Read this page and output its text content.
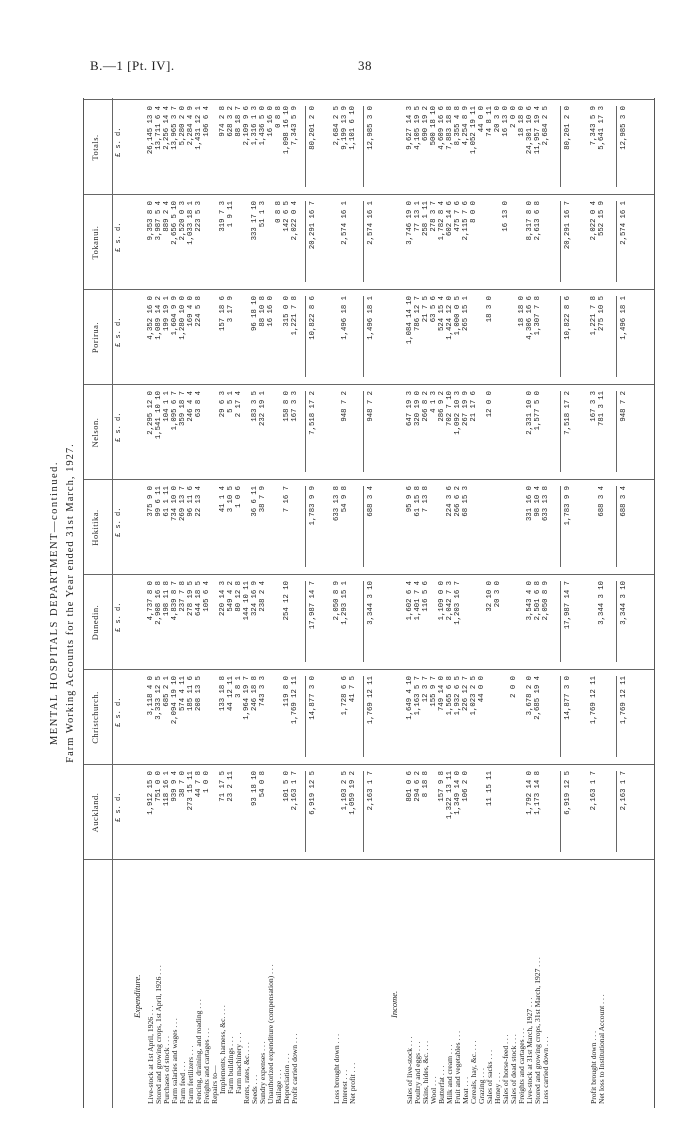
B.—1 [Pt. IV].	38
MENTAL HOSPITALS DEPARTMENT—continued. Farm Working Accounts for the Year ended 31st March, 1927.
Auckland. £ s. d.
Christchurch. £ s. d.
Dunedin. £ s. d.
Hokitika. £ s. d.
Nelson. £ s. d.
Porirua. £ s. d.
Tokanui. £ s. d.
Totals. £ s. d.
Expenditure.
Live-stock at 1st April, 1926 . . .
1,912 15 0
3,118 4 0
4,737 8 0
375 9 0
2,295 12 0
4,352 16 0
9,353 8 0
26,145 13 0
Stored and growing crops, 1st April, 1926 . . .
751 0 0
3,333 12 5
2,908 16 8
99 6 11
1,541 10 10
1,089 14 2
3,987 5 4
13,711 6 4
Purchases of stock . . .
118 16 1
685 2 1
198 11 8
61 1 11
104 1 1
199 19 1
889 2 4
2,256 14 4
Farm salaries and wages . . .
939 9 4
2,094 19 10
4,839 8 7
734 10 0
1,095 6 7
1,604 9 9
2,656 5 10
13,965 3 7
Farm feed . . .
38 7 0
574 4 11
237 7 8
269 13 7
359 18 7
1,280 10 0
2,520 0 3
5,280 2 0
Farm fertilizers . . .
273 15 11
185 11 6
278 19 5
96 11 6
246 4 4
169 4 0
1,033 18 1
2,284 4 9
Fencing, draining, and roading . . .
44 7 8
208 13 5
644 18 5
22 13 4
63 8 4
224 5 8
223 5 3
1,431 12 1
Freights and cartages . . .
1 0 0
105 6 4
106 6 4
Repairs to— Implements, harness, &c. . . .
71 17 5
133 18 8
220 14 3
41 1 4
29 6 3
157 18 6
319 7 3
974 2 8
Farm buildings . . .
23 2 11
44 12 11
549 4 2
3 10 5
5 5 1
3 17 9
1 9 11
628 3 2
Farm machinery . . .
3 8 1
80 12 8
1 0 6
2 17 4
88 18 7
Rents, rates, &c. . . .
1,964 19 7
144 10 11
2,109 9 6
Seeds . . .
93 18 10
246 18 8
324 16 9
36 6 11
183 3 5
96 18 10
333 17 10
1,316 1 3
Sundry expenses . . .
54 0 8
743 3 3
238 2 4
38 7 9
232 19 1
88 10 8
51 1 3
1,436 5 0
Unauthorized expenditure (compensation) . . .
16 16 0
16 16 0
Bailage . . .
0 8 8
0 8 8
Depreciation . . .
101 5 0
119 8 0
254 12 10
7 16 7
158 8 0
315 0 0
142 6 5
1,098 16 10
Profit carried down . . .
2,163 1 7
1,769 12 11
167 3 3
1,221 7 8
2,022 0 4
7,343 5 9
6,919 12 5
14,877 3 0
17,987 14 7
1,783 9 9
7,518 17 2
10,822 8 6
20,291 16 7
80,201 2 0
Loss brought down . . .
2,050 8 9
633 13 8
2,684 2 5
Interest . . .
1,103 2 5
1,728 6 6
1,293 15 1
54 9 8
948 7 2
1,496 18 1
2,574 16 1
9,199 13 9
Net profit . . .
1,059 19 2
41 7 5
1,101 6 10
2,163 1 7
1,769 12 11
3,344 3 10
688 3 4
948 7 2
1,496 18 1
2,574 16 1
12,985 3 0
Income.
Sales of live-stock . . .
801 0 6
1,649 4 10
1,602 6 4
95 9 6
647 19 3
1,084 14 10
3,746 19 0
9,627 14 3
Poultry and eggs . . .
294 6 2
1,163 5 7
1,401 7 4
61 15 8
320 19 0
786 12 7
77 13 1
4,105 19 5
Skins, hides, &c. . . .
8 18 8
12 3 7
116 5 6
7 13 8
266 8 2
21 7 5
258 1 11
690 19 2
Wool . . .
155 9 7
4 1 3
63 5 6
278 3 7
500 18 10
Butterfat . . .
157 9 8
749 14 0
1,109 0 0
286 9 2
524 15 4
1,782 8 4
4,609 16 6
Milk and cream . . .
1,322 13 11
1,565 6 8
2,042 7 3
224 3 6
702 7 10
1,424 12 0
602 14 6
7,883 18 8
Fruit and vegetables . . .
1,349 14 0
1,932 6 5
1,203 16 7
266 6 2
1,092 10 3
1,000 0 5
475 7 6
8,355 4 8
Meat . . .
106 2 0
226 12 7
68 15 3
267 19 9
265 15 1
2,115 7 6
4,254 8 9
Cereals, hay, &c. . . .
1,023 2 5
21 17 6
8 0 0
1,052 19 11
Grazing . . .
44 0 0
44 0 0
Sales of sacks . . .
11 15 11
32 10 0
12 0 0
18 3 0
74 8 11
Honey . . .
20 3 0
20 3 0
Sales of horse-feed . . .
16 13 0
16 13 0
Sales of dead stock . . .
2 0 0
2 0 0
Freights and cartages . . .
18 18 0
18 18 0
Live-stock at 31st March, 1927 . . .
1,792 14 0
3,678 2 0
3,543 4 0
331 16 0
2,331 10 0
4,306 16 6
8,317 8 0
24,301 10 6
Stored and growing crops, 31st March, 1927 . . .
1,173 14 8
2,685 19 4
2,501 6 8
98 10 4
1,577 5 0
1,307 7 8
2,613 6 8
11,957 19 4
Loss carried down . . .
2,050 8 9
633 13 8
2,684 2 5
6,919 12 5
14,877 3 0
17,987 14 7
1,783 9 9
7,518 17 2
10,822 8 6
20,291 16 7
80,201 2 0
Profit brought down . . .
2,163 1 7
1,769 12 11
167 3 3
1,221 7 8
2,022 0 4
7,343 5 9
Net loss to Institutional Account . . .
3,344 3 10
688 3 4
781 3 11
275 10 5
552 15 9
5,641 17 3
2,163 1 7
1,769 12 11
3,344 3 10
688 3 4
948 7 2
1,496 18 1
2,574 16 1
12,985 3 0
